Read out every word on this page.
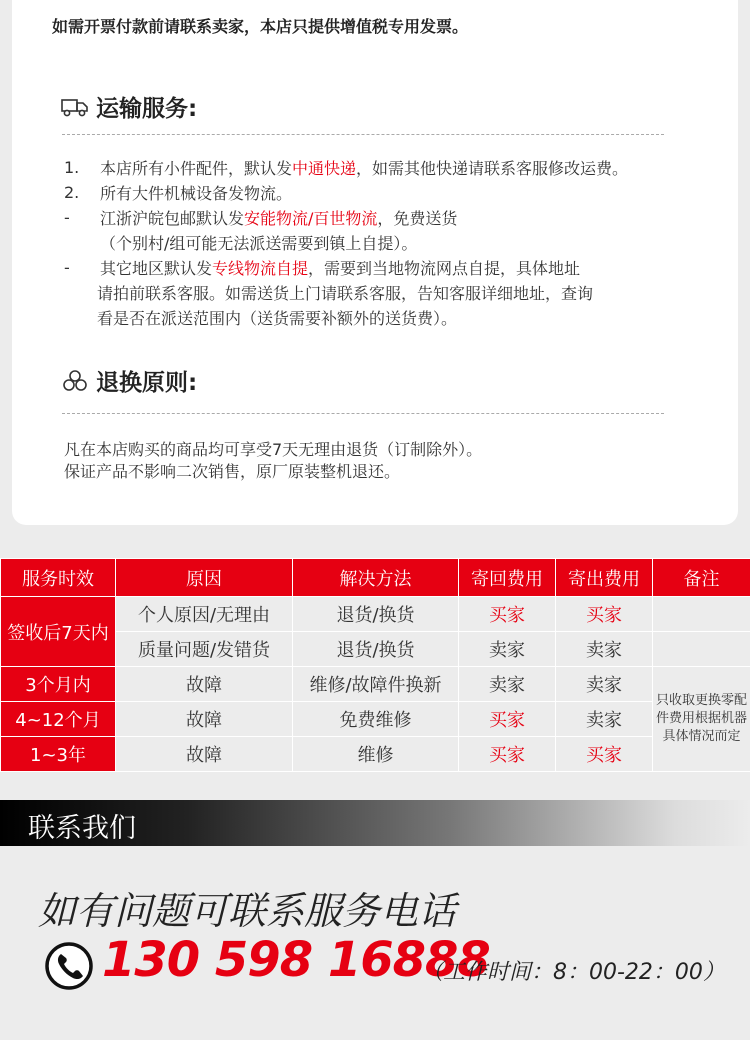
如需开票付款前请联系卖家，本店只提供增值税专用发票。
运输服务:
1. 本店所有小件配件，默认发中通快递，如需其他快递请联系客服修改运费。
2. 所有大件机械设备发物流。
- 江浙沪皖包邮默认发安能物流/百世物流，免费送货
（个别村/组可能无法派送需要到镇上自提）。
- 其它地区默认发专线物流自提，需要到当地物流网点自提，具体地址
请拍前联系客服。如需送货上门请联系客服，告知客服详细地址，查询
看是否在派送范围内（送货需要补额外的送货费）。
退换原则:
凡在本店购买的商品均可享受7天无理由退货（订制除外）。
保证产品不影响二次销售，原厂原装整机退还。
服务时效	原因	解决方法	寄回费用	寄出费用	备注
签收后7天内	个人原因/无理由	退货/换货	买家	买家	
	质量问题/发错货	退货/换货	卖家	卖家	
3个月内	故障	维修/故障件换新	卖家	卖家	只收取更换零配件费用根据机器具体情况而定
4~12个月	故障	免费维修	买家	卖家	
1~3年	故障	维修	买家	买家	
联系我们
如有问题可联系服务电话
130 598 16888
（工作时间：8：00-22：00）
